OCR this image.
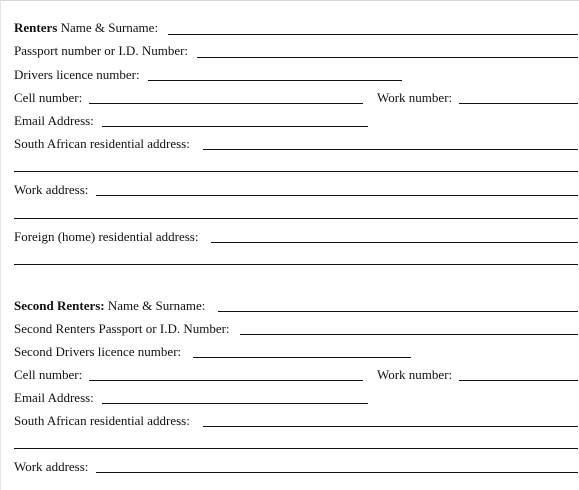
Renters Name & Surname:
Passport number or I.D. Number:
Drivers licence number:
Cell number:	Work number:
Email Address:
South African residential address:
Work address:
Foreign (home) residential address:
Second Renters: Name & Surname:
Second Renters Passport or I.D. Number:
Second Drivers licence number:
Cell number:	Work number:
Email Address:
South African residential address:
Work address:
